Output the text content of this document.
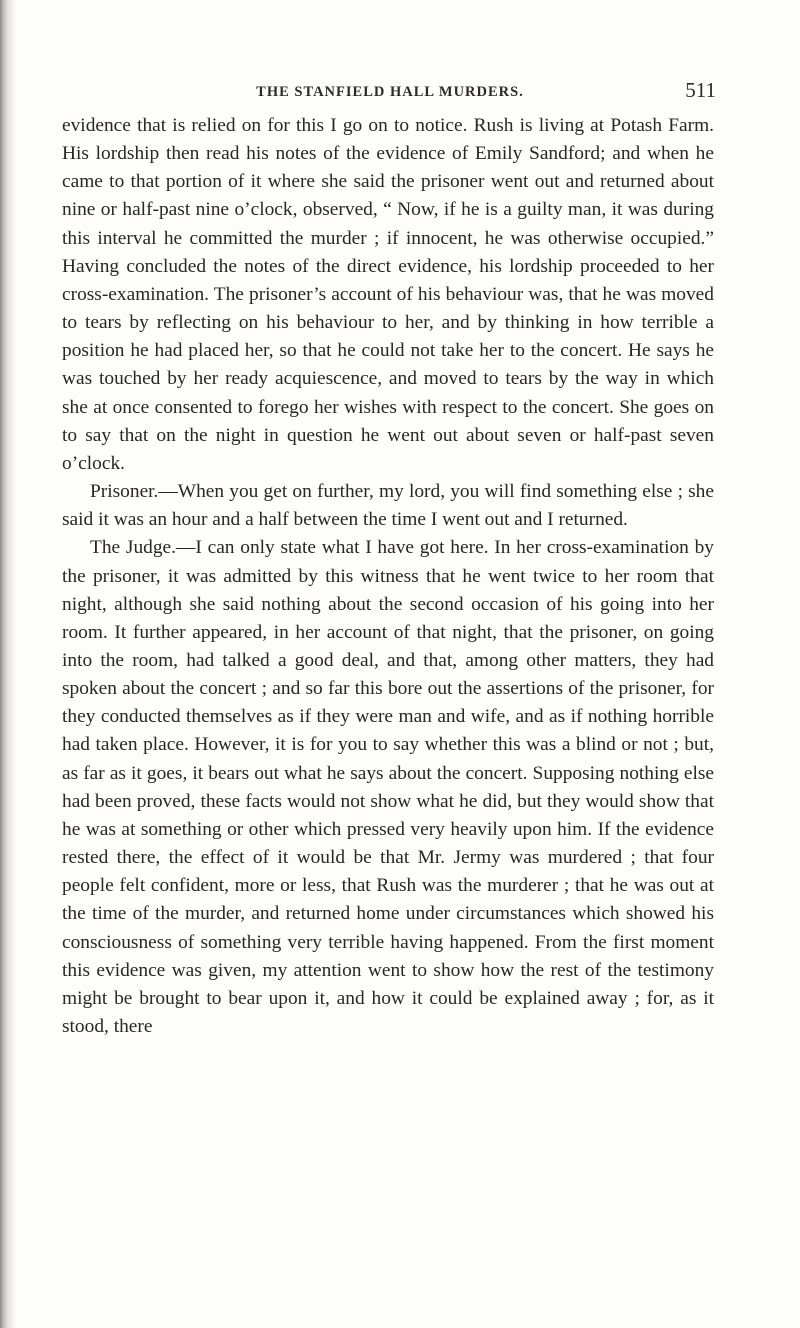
THE STANFIELD HALL MURDERS.	511

evidence that is relied on for this I go on to notice. Rush is living at Potash Farm. His lordship then read his notes of the evidence of Emily Sandford; and when he came to that portion of it where she said the prisoner went out and returned about nine or half-past nine o’clock, observed, “ Now, if he is a guilty man, it was during this interval he committed the murder ; if innocent, he was otherwise occupied.” Having concluded the notes of the direct evidence, his lordship proceeded to her cross-examination. The prisoner’s account of his behaviour was, that he was moved to tears by reflecting on his behaviour to her, and by thinking in how terrible a position he had placed her, so that he could not take her to the concert. He says he was touched by her ready acquiescence, and moved to tears by the way in which she at once consented to forego her wishes with respect to the concert. She goes on to say that on the night in question he went out about seven or half-past seven o’clock.

Prisoner.—When you get on further, my lord, you will find something else ; she said it was an hour and a half between the time I went out and I returned.

The Judge.—I can only state what I have got here. In her cross-examination by the prisoner, it was admitted by this witness that he went twice to her room that night, although she said nothing about the second occasion of his going into her room. It further appeared, in her account of that night, that the prisoner, on going into the room, had talked a good deal, and that, among other matters, they had spoken about the concert ; and so far this bore out the assertions of the prisoner, for they conducted themselves as if they were man and wife, and as if nothing horrible had taken place. However, it is for you to say whether this was a blind or not ; but, as far as it goes, it bears out what he says about the concert. Supposing nothing else had been proved, these facts would not show what he did, but they would show that he was at something or other which pressed very heavily upon him. If the evidence rested there, the effect of it would be that Mr. Jermy was murdered ; that four people felt confident, more or less, that Rush was the murderer ; that he was out at the time of the murder, and returned home under circumstances which showed his consciousness of something very terrible having happened. From the first moment this evidence was given, my attention went to show how the rest of the testimony might be brought to bear upon it, and how it could be explained away ; for, as it stood, there
